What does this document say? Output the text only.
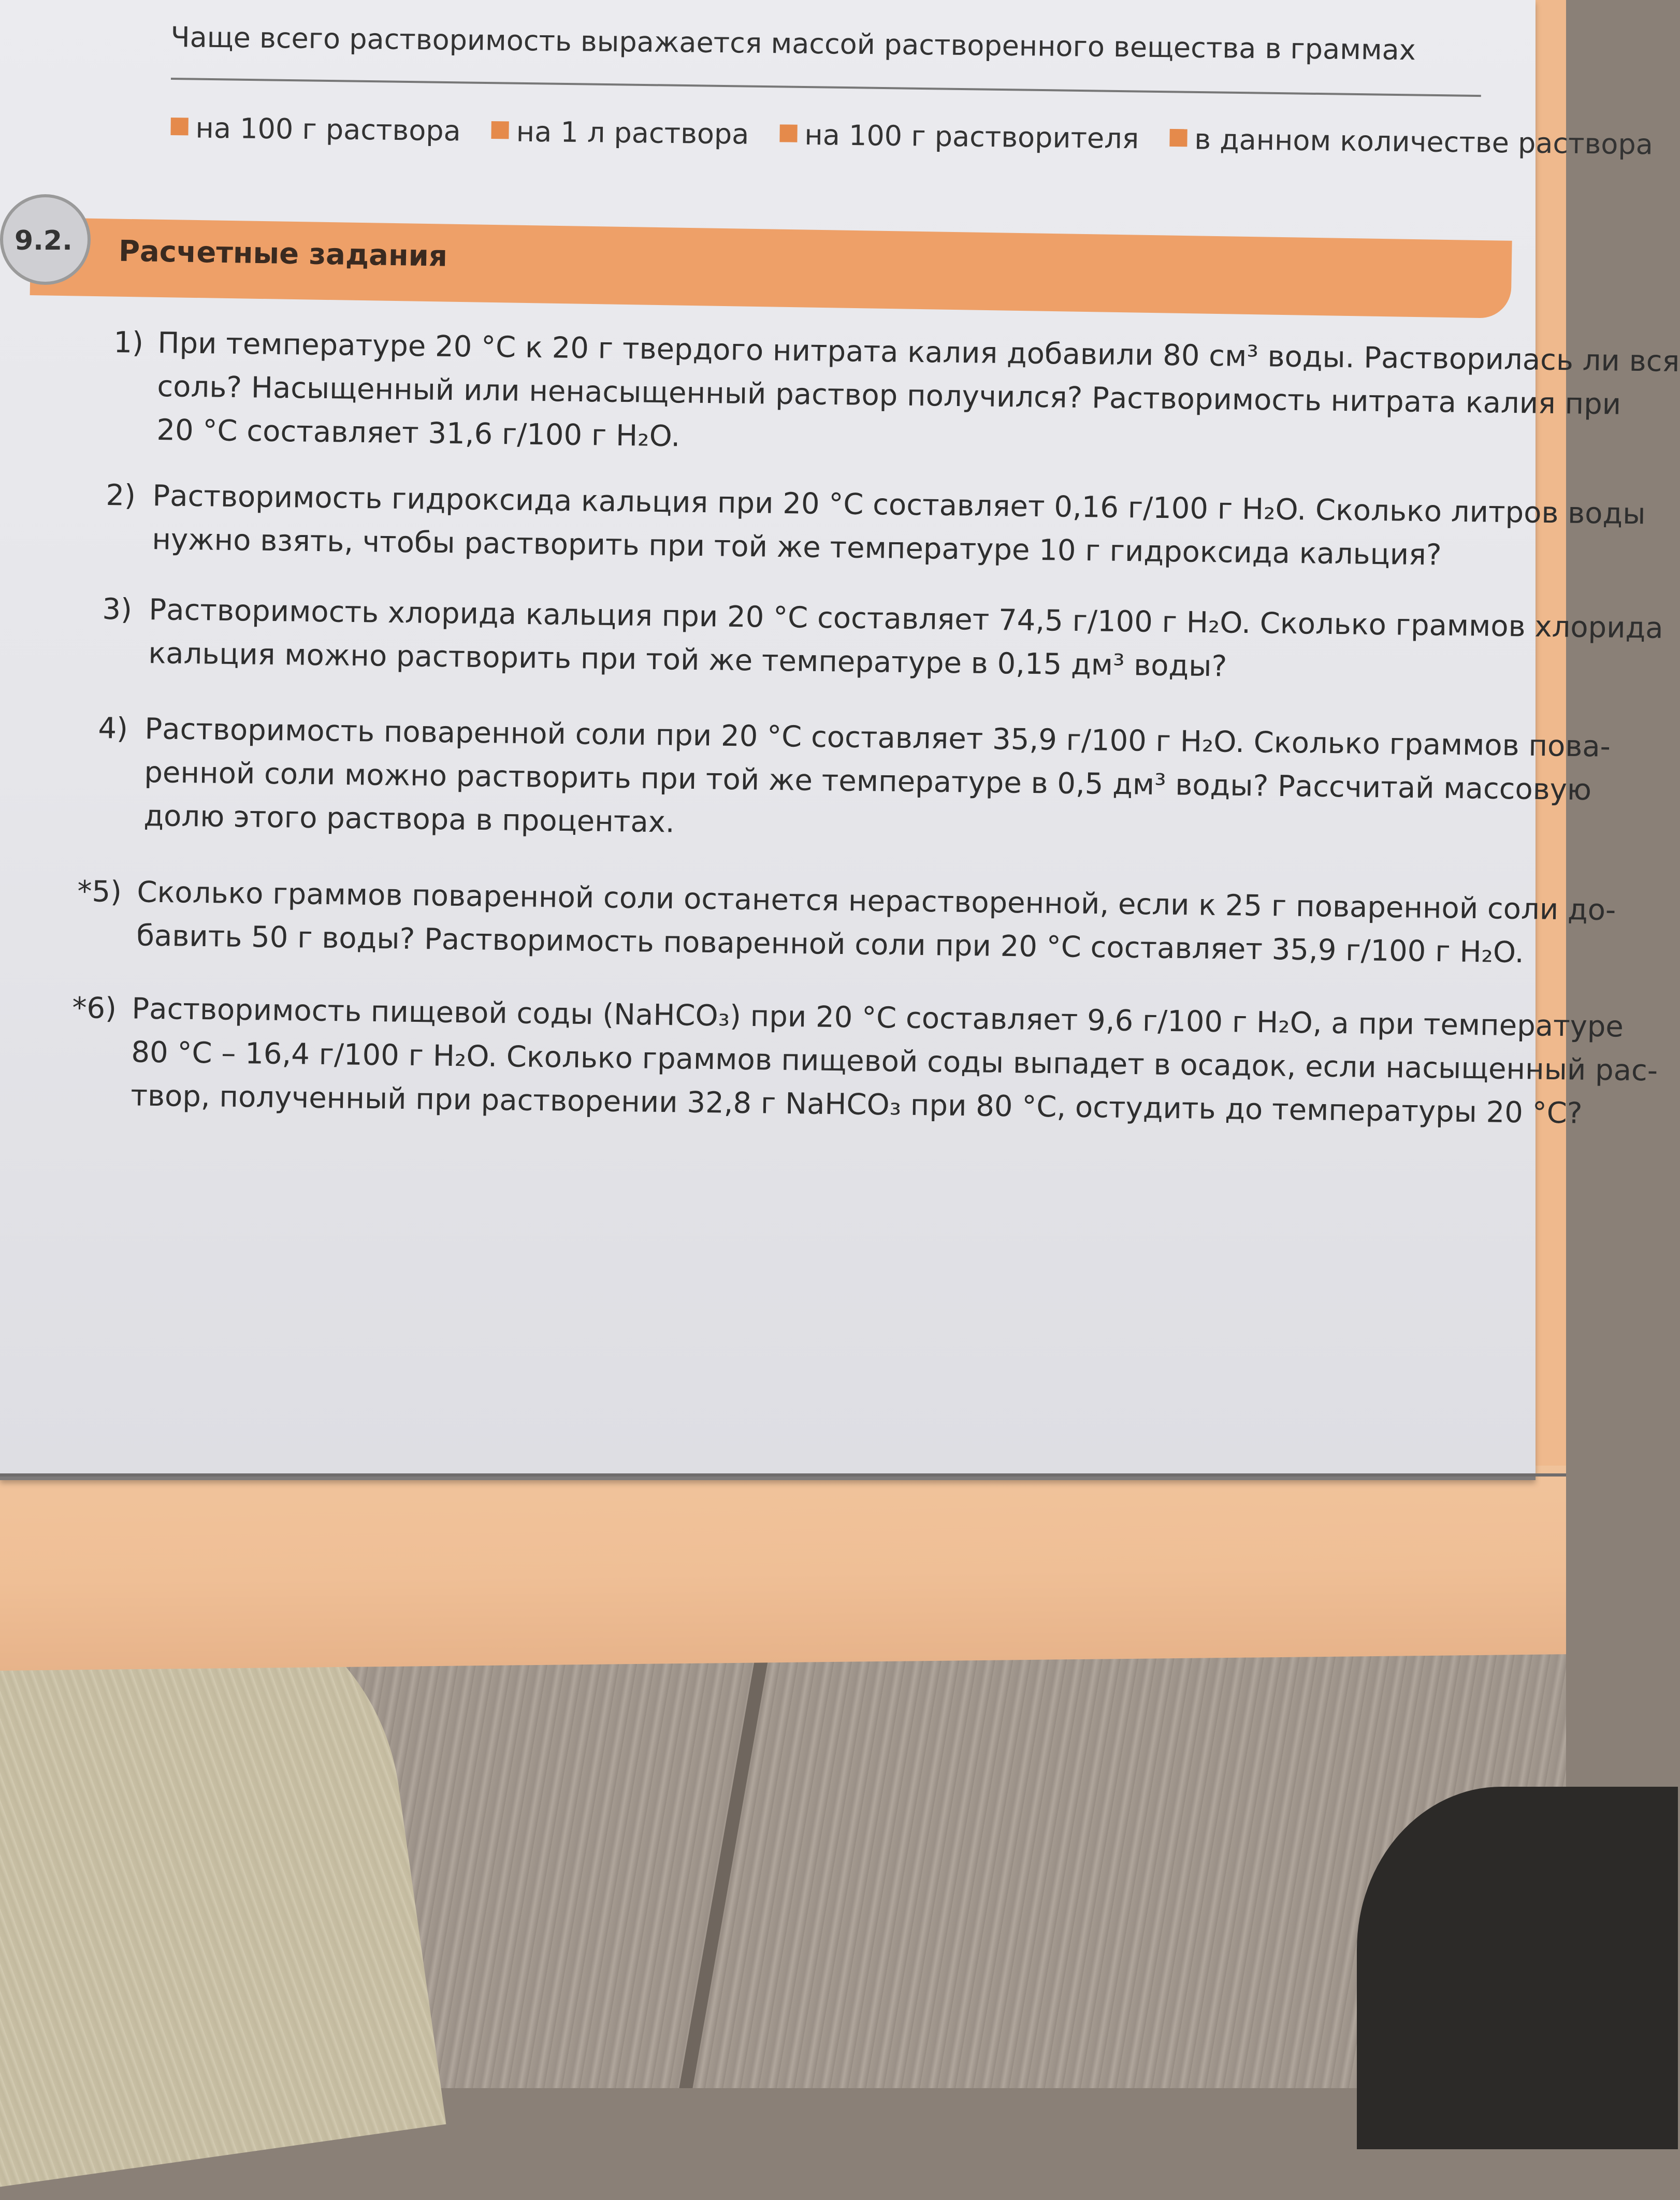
Чаще всего растворимость выражается массой растворенного вещества в граммах
на 100 г раствора на 1 л раствора на 100 г растворителя в данном количестве раствора
Расчетные задания
9.2.
1) При температуре 20 °С к 20 г твердого нитрата калия добавили 80 см³ воды. Растворилась ли вся
соль? Насыщенный или ненасыщенный раствор получился? Растворимость нитрата калия при
20 °С составляет 31,6 г/100 г H₂O.
2) Растворимость гидроксида кальция при 20 °С составляет 0,16 г/100 г H₂O. Сколько литров воды
нужно взять, чтобы растворить при той же температуре 10 г гидроксида кальция?
3) Растворимость хлорида кальция при 20 °С составляет 74,5 г/100 г H₂O. Сколько граммов хлорида
кальция можно растворить при той же температуре в 0,15 дм³ воды?
4) Растворимость поваренной соли при 20 °С составляет 35,9 г/100 г H₂O. Сколько граммов пова-
ренной соли можно растворить при той же температуре в 0,5 дм³ воды? Рассчитай массовую
долю этого раствора в процентах.
*5) Сколько граммов поваренной соли останется нерастворенной, если к 25 г поваренной соли до-
бавить 50 г воды? Растворимость поваренной соли при 20 °С составляет 35,9 г/100 г H₂O.
*6) Растворимость пищевой соды (NaHCO₃) при 20 °С составляет 9,6 г/100 г H₂O, а при температуре
80 °С – 16,4 г/100 г H₂O. Сколько граммов пищевой соды выпадет в осадок, если насыщенный рас-
твор, полученный при растворении 32,8 г NaHCO₃ при 80 °С, остудить до температуры 20 °С?
